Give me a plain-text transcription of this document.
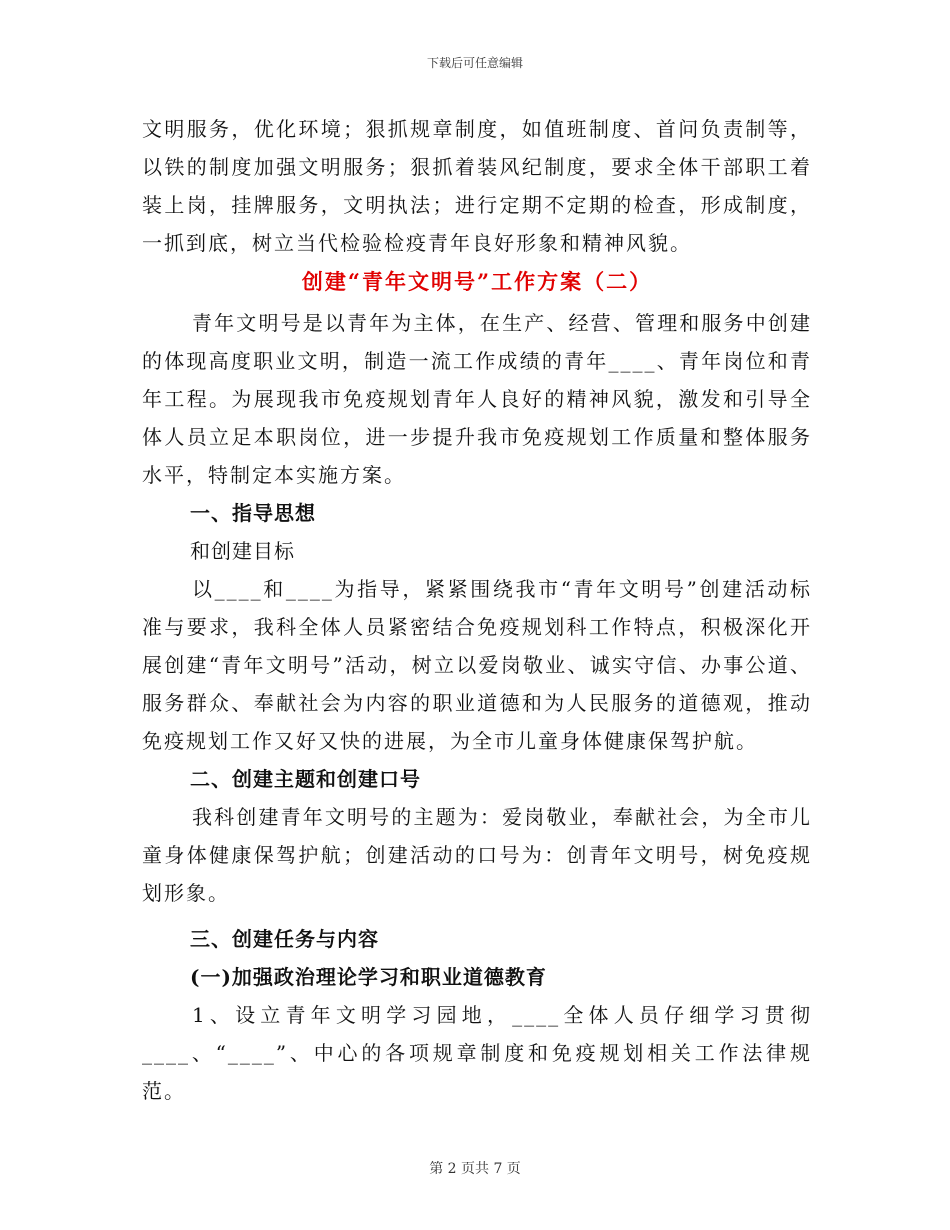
下载后可任意编辑

文明服务，优化环境；狠抓规章制度，如值班制度、首问负责制等，以铁的制度加强文明服务；狠抓着装风纪制度，要求全体干部职工着装上岗，挂牌服务，文明执法；进行定期不定期的检查，形成制度，一抓到底，树立当代检验检疫青年良好形象和精神风貌。

创建“青年文明号”工作方案（二）

青年文明号是以青年为主体，在生产、经营、管理和服务中创建的体现高度职业文明，制造一流工作成绩的青年____、青年岗位和青年工程。为展现我市免疫规划青年人良好的精神风貌，激发和引导全体人员立足本职岗位，进一步提升我市免疫规划工作质量和整体服务水平，特制定本实施方案。

一、指导思想
和创建目标

以____和____为指导，紧紧围绕我市“青年文明号”创建活动标准与要求，我科全体人员紧密结合免疫规划科工作特点，积极深化开展创建“青年文明号”活动，树立以爱岗敬业、诚实守信、办事公道、服务群众、奉献社会为内容的职业道德和为人民服务的道德观，推动免疫规划工作又好又快的进展，为全市儿童身体健康保驾护航。

二、创建主题和创建口号

我科创建青年文明号的主题为：爱岗敬业，奉献社会，为全市儿童身体健康保驾护航；创建活动的口号为：创青年文明号，树免疫规划形象。

三、创建任务与内容
(一)加强政治理论学习和职业道德教育

1、设立青年文明学习园地，____全体人员仔细学习贯彻____、“____”、中心的各项规章制度和免疫规划相关工作法律规范。

第 2 页共 7 页
